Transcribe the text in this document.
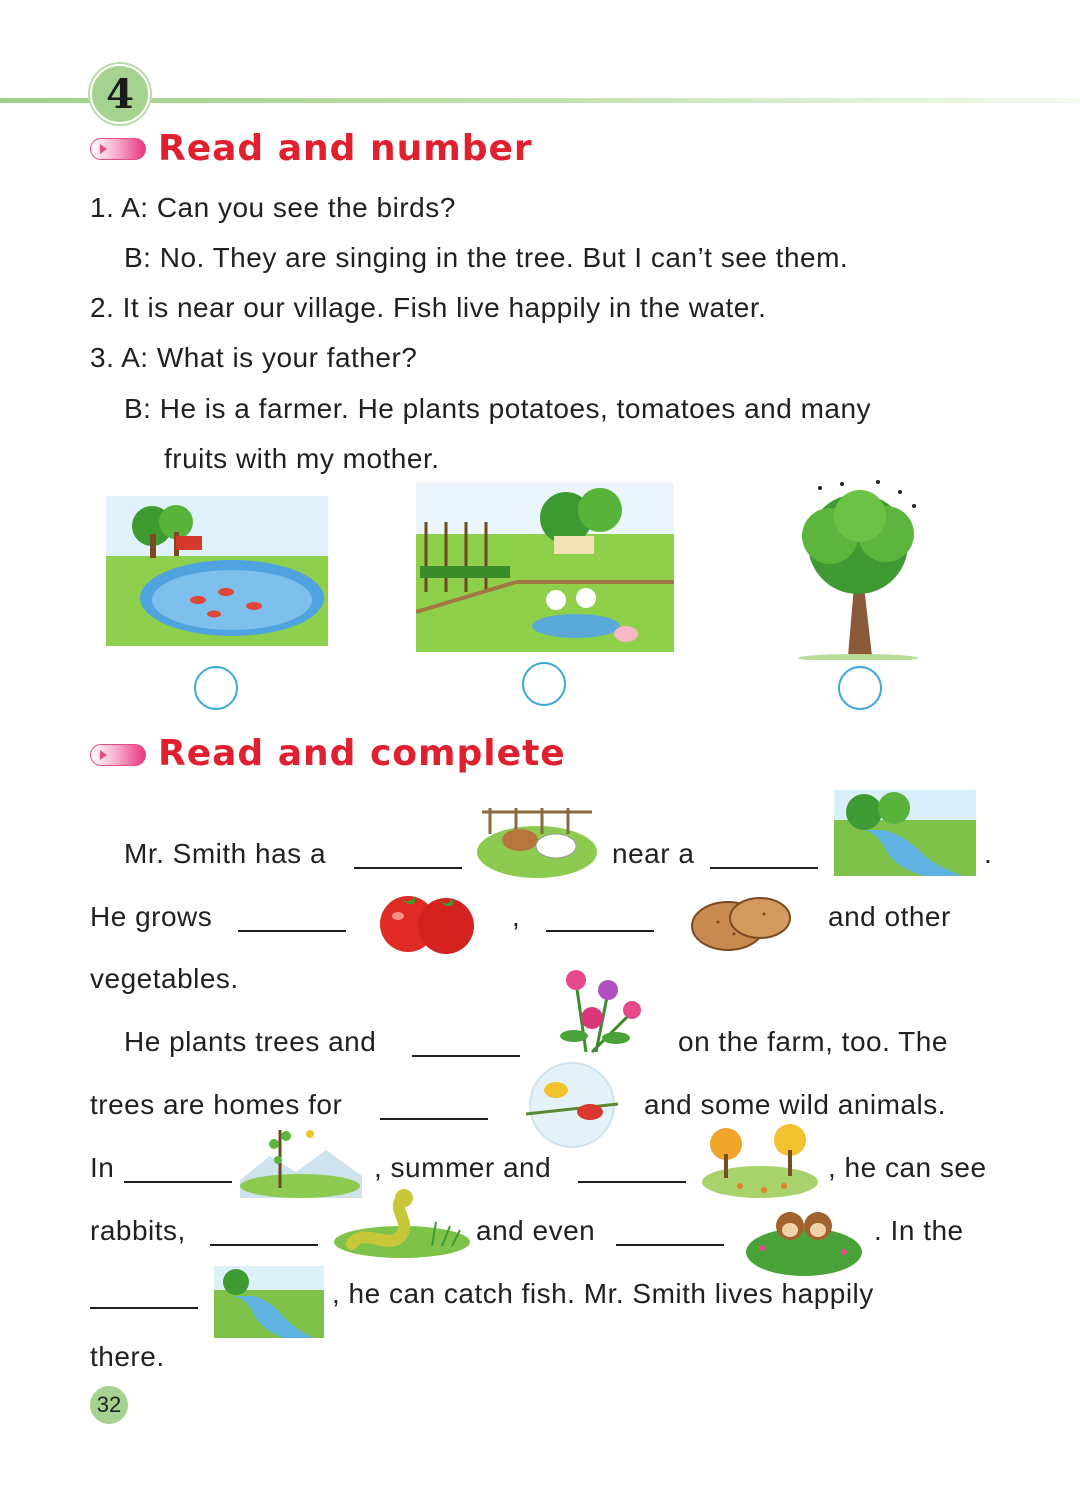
4
Read and number
1. A: Can you see the birds?
B: No. They are singing in the tree. But I can’t see them.
2. It is near our village. Fish live happily in the water.
3. A: What is your father?
B: He is a farmer. He plants potatoes, tomatoes and many
fruits with my mother.
Read and complete
Mr. Smith has a	near a	.
He grows	,	and other
vegetables.
He plants trees and	on the farm, too. The
trees are homes for	and some wild animals.
In	, summer and	, he can see
rabbits,	and even	. In the
, he can catch fish. Mr. Smith lives happily
there.
32
